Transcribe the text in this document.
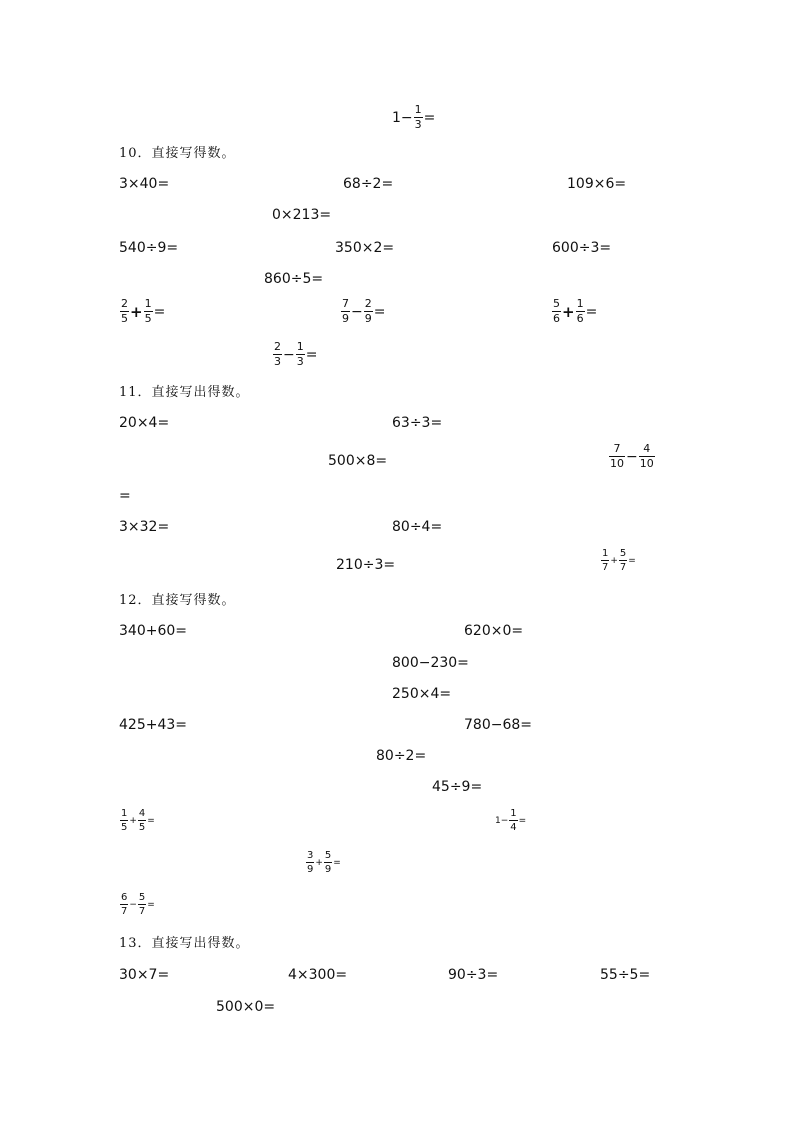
$1- \frac{1}{3}$ =
10．直接写得数。
3×40=	68÷2=	109×6=
0×213=
540÷9=	350×2=	600÷3=
860÷5=
$\frac{2}{5} + \frac{1}{5}$ =	$\frac{7}{9} - \frac{2}{9}$ =	$\frac{5}{6} + \frac{1}{6}$ =
$\frac{2}{3} - \frac{1}{3}$ =
11．直接写出得数。
20×4=	63÷3=
500×8=	$\frac{7}{10} - \frac{4}{10}$
=
3×32=	80÷4=
210÷3=	$\frac{1}{7} + \frac{5}{7}$ =
12．直接写得数。
340+60=	620×0=
800−230=
250×4=
425+43=	780−68=
80÷2=
45÷9=
$\frac{1}{5} + \frac{4}{5}$ =	$1- \frac{1}{4}$ =
$\frac{3}{9} + \frac{5}{9}$ =
$\frac{6}{7} - \frac{5}{7}$ =
13．直接写出得数。
30×7=	4×300=	90÷3=	55÷5=
500×0=
